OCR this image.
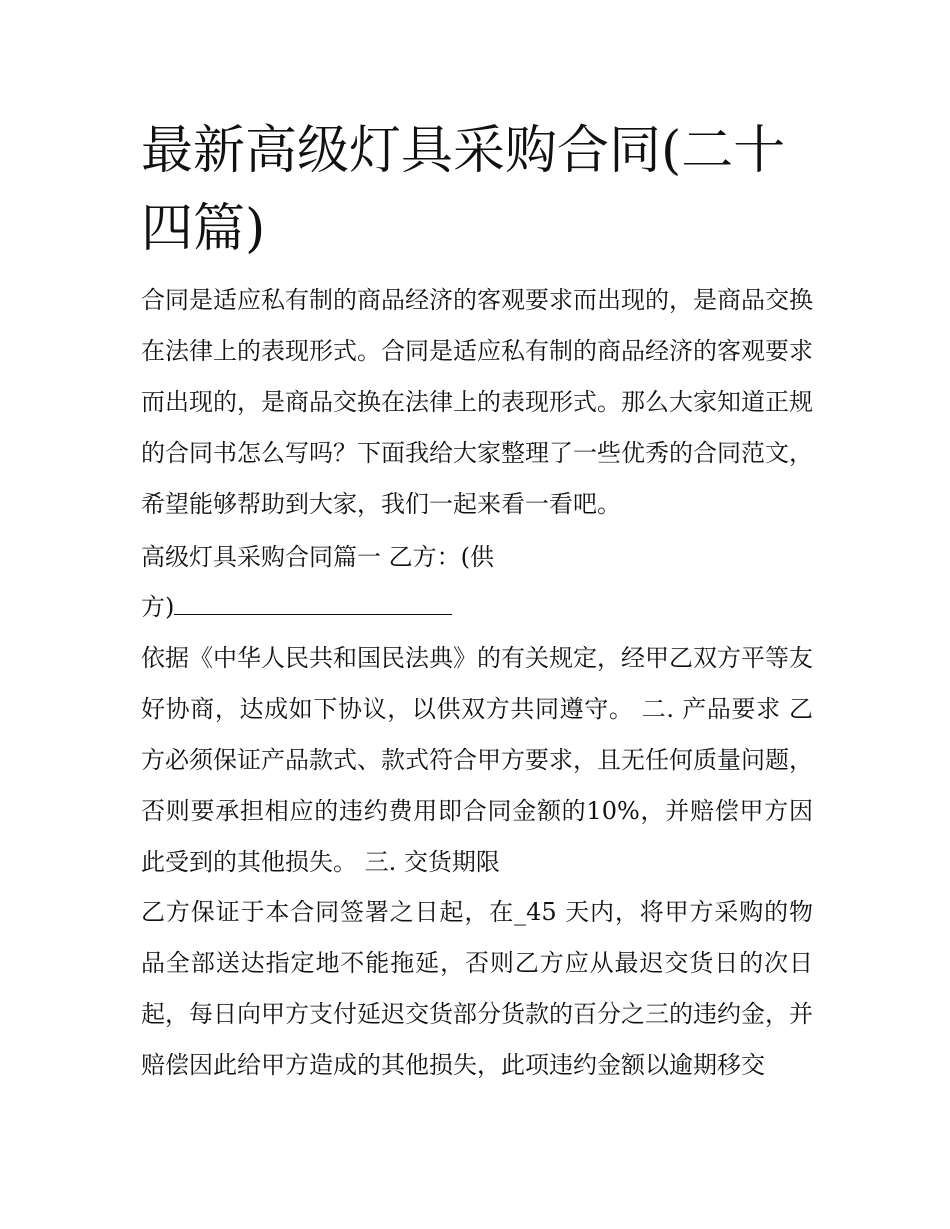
最新高级灯具采购合同(二十四篇)

合同是适应私有制的商品经济的客观要求而出现的，是商品交换在法律上的表现形式。合同是适应私有制的商品经济的客观要求而出现的，是商品交换在法律上的表现形式。那么大家知道正规的合同书怎么写吗？下面我给大家整理了一些优秀的合同范文，希望能够帮助到大家，我们一起来看一看吧。

高级灯具采购合同篇一 乙方：(供

方)

依据《中华人民共和国民法典》的有关规定，经甲乙双方平等友好协商，达成如下协议，以供双方共同遵守。 二. 产品要求 乙方必须保证产品款式、款式符合甲方要求，且无任何质量问题，否则要承担相应的违约费用即合同金额的10%，并赔偿甲方因此受到的其他损失。 三. 交货期限

乙方保证于本合同签署之日起，在_45 天内，将甲方采购的物品全部送达指定地不能拖延，否则乙方应从最迟交货日的次日起，每日向甲方支付延迟交货部分货款的百分之三的违约金，并赔偿因此给甲方造成的其他损失，此项违约金额以逾期移交
